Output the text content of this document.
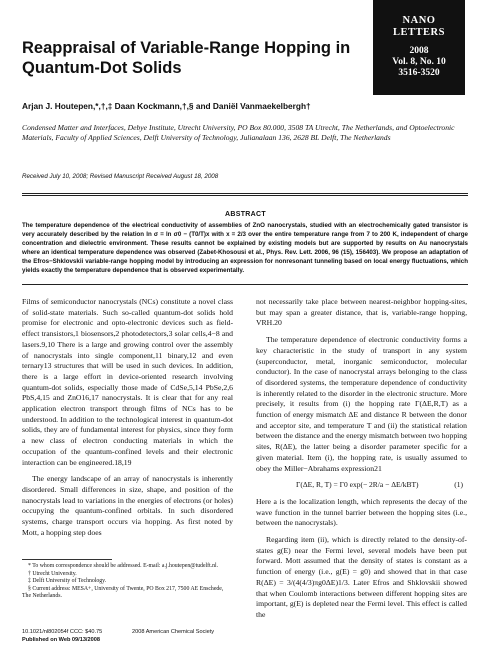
NANO
LETTERS
2008
Vol. 8, No. 10
3516-3520
Reappraisal of Variable-Range Hopping in Quantum-Dot Solids
Arjan J. Houtepen,*,†,‡ Daan Kockmann,†,§ and Daniël Vanmaekelbergh†
Condensed Matter and Interfaces, Debye Institute, Utrecht University, PO Box 80.000, 3508 TA Utrecht, The Netherlands, and Optoelectronic Materials, Faculty of Applied Sciences, Delft University of Technology, Julianalaan 136, 2628 BL Delft, The Netherlands
Received July 10, 2008; Revised Manuscript Received August 18, 2008
ABSTRACT
The temperature dependence of the electrical conductivity of assemblies of ZnO nanocrystals, studied with an electrochemically gated transistor is very accurately described by the relation ln σ = ln σ0 − (T0/T)x with x = 2/3 over the entire temperature range from 7 to 200 K, independent of charge concentration and dielectric environment. These results cannot be explained by existing models but are supported by results on Au nanocrystals where an identical temperature dependence was observed (Zabet-Khosousi et al., Phys. Rev. Lett. 2006, 96 (15), 156403). We propose an adaptation of the Efros−Shklovskii variable-range hopping model by introducing an expression for nonresonant tunneling based on local energy fluctuations, which yields exactly the temperature dependence that is observed experimentally.

Films of semiconductor nanocrystals (NCs) constitute a novel class of solid-state materials. Such so-called quantum-dot solids hold promise for electronic and opto-electronic devices such as field-effect transistors,1 biosensors,2 photodetectors,3 solar cells,4−8 and lasers.9,10 There is a large and growing control over the assembly of nanocrystals into single component,11 binary,12 and even ternary13 structures that will be used in such devices. In addition, there is a large effort in device-oriented research involving quantum-dot solids, especially those made of CdSe,5,14 PbSe,2,6 PbS,4,15 and ZnO16,17 nanocrystals. It is clear that for any real application electron transport through films of NCs has to be understood. In addition to the technological interest in quantum-dot solids, they are of fundamental interest for physics, since they form a new class of electron conducting materials in which the occupation of the quantum-confined levels and their electronic interaction can be engineered.18,19

The energy landscape of an array of nanocrystals is inherently disordered. Small differences in size, shape, and position of the nanocrystals lead to variations in the energies of electrons (or holes) occupying the quantum-confined orbitals. In such disordered systems, charge transport occurs via hopping. As first noted by Mott, a hopping step does

not necessarily take place between nearest-neighbor hopping-sites, but may span a greater distance, that is, variable-range hopping, VRH.20

The temperature dependence of electronic conductivity forms a key characteristic in the study of transport in any system (superconductor, metal, inorganic semiconductor, molecular conductor). In the case of nanocrystal arrays belonging to the class of disordered systems, the temperature dependence of conductivity is inherently related to the disorder in the electronic structure. More precisely, it results from (i) the hopping rate Γ(ΔE,R,T) as a function of energy mismatch ΔE and distance R between the donor and acceptor site, and temperature T and (ii) the statistical relation between the distance and the energy mismatch between two hopping sites, R(ΔE), the latter being a disorder parameter specific for a given material. Item (i), the hopping rate, is usually assumed to obey the Miller−Abrahams expression21

Γ(ΔE, R, T) = Γ0 exp(− 2R/a − ΔE/kBT)	(1)

Here a is the localization length, which represents the decay of the wave function in the tunnel barrier between the hopping sites (i.e., between the nanocrystals).

Regarding item (ii), which is directly related to the density-of-states g(E) near the Fermi level, several models have been put forward. Mott assumed that the density of states is constant as a function of energy (i.e., g(E) = g0) and showed that in that case R(ΔE) = 3/(4(4/3)πg0ΔE)1/3. Later Efros and Shklovskii showed that when Coulomb interactions between different hopping sites are important, g(E) is depleted near the Fermi level. This effect is called the

* To whom correspondence should be addressed. E-mail: a.j.houtepen@tudelft.nl.
† Utrecht University.
‡ Delft University of Technology.
§ Current address: MESA+, University of Twente, PO Box 217, 7500 AE Enschede, The Netherlands.
10.1021/nl802054f CCC: $40.75
Published on Web 09/13/2008
2008 American Chemical Society
